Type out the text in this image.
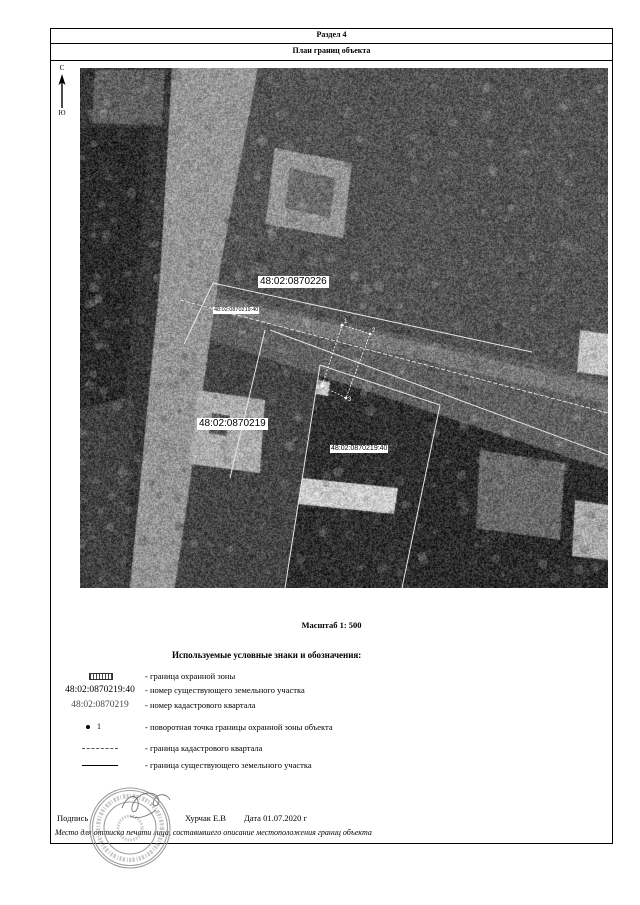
Раздел 4
План границ объекта
С
Ю
1
2
3
4
48:02:0870226
48:02:0870219:40
48:02:0870219
48:02:0870219:40
Масштаб 1: 500
Используемые условные знаки и обозначения:
- граница охранной зоны
48:02:0870219:40	- номер существующего земельного участка
48:02:0870219	- номер кадастрового квартала
1	- поворотная точка границы охранной зоны объекта
- граница кадастрового квартала
- граница существующего земельного участка
Подпись	Хурчак Е.В Дата 01.07.2020 г
Место для оттиска печати лица, составившего описание местоположения границ объекта
